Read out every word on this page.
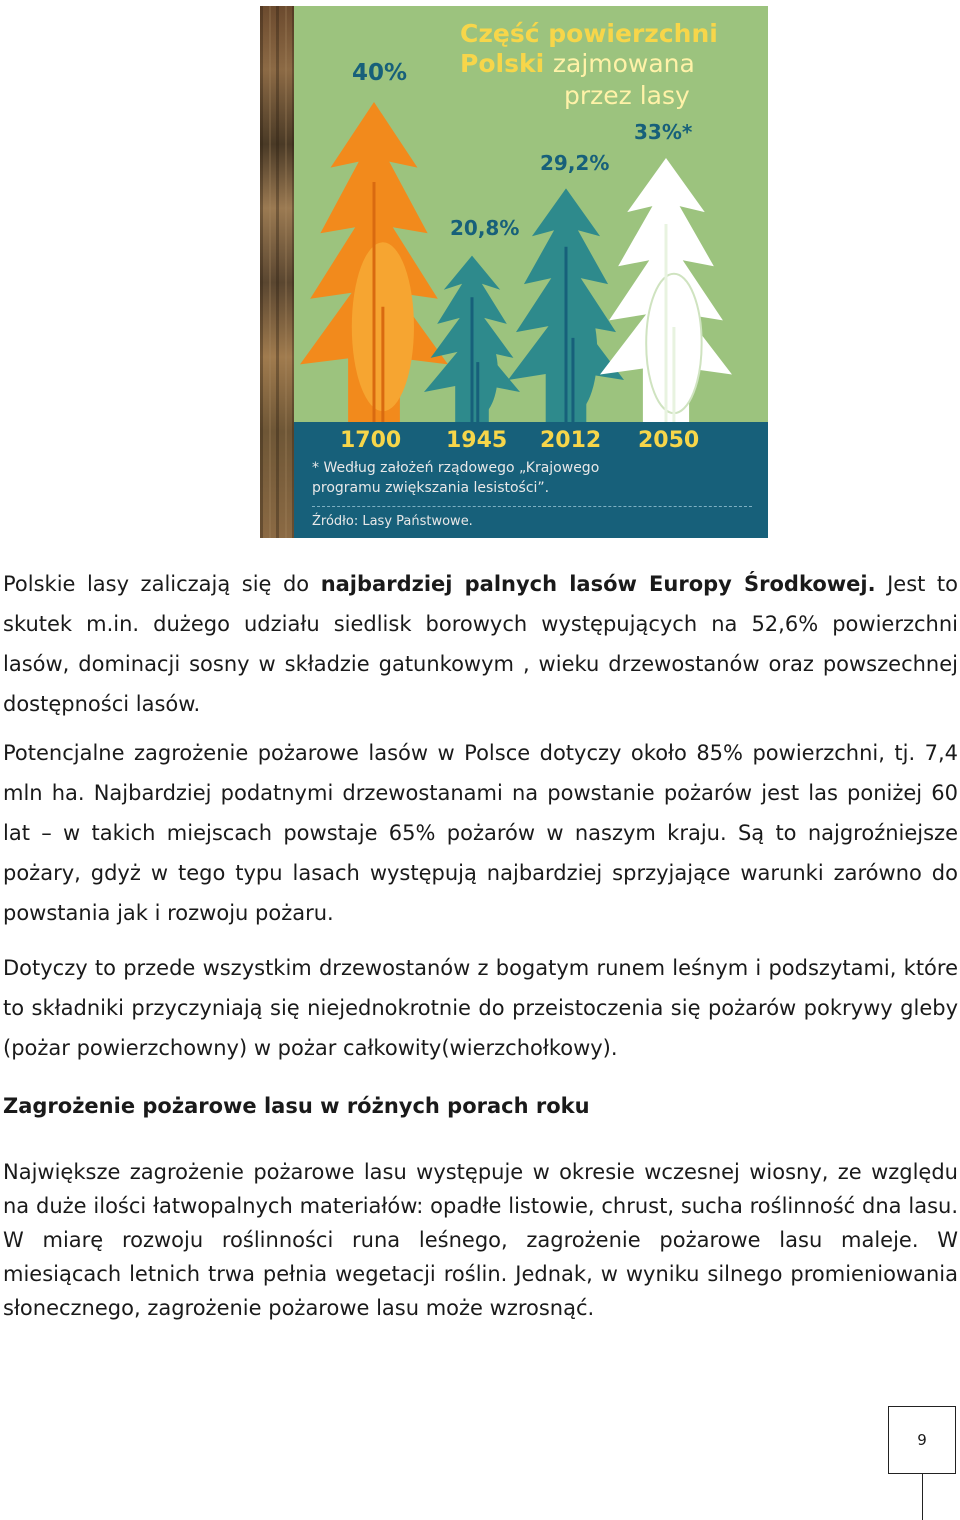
Część powierzchni

Polski zajmowana

przez lasy

40%

20,8%

29,2%

33%*

1700 1945 2012 2050

* Według założeń rządowego „Krajowego programu zwiększania lesistości”.

Źródło: Lasy Państwowe.

Polskie lasy zaliczają się do najbardziej palnych lasów Europy Środkowej. Jest to skutek m.in. dużego udziału siedlisk borowych występujących na 52,6% powierzchni lasów, dominacji sosny w składzie gatunkowym , wieku drzewostanów oraz powszechnej dostępności lasów.

Potencjalne zagrożenie pożarowe lasów w Polsce dotyczy około 85% powierzchni, tj. 7,4 mln ha. Najbardziej podatnymi drzewostanami na powstanie pożarów jest las poniżej 60 lat – w takich miejscach powstaje 65% pożarów w naszym kraju. Są to najgroźniejsze pożary, gdyż w tego typu lasach występują najbardziej sprzyjające warunki zarówno do powstania jak i rozwoju pożaru.

Dotyczy to przede wszystkim drzewostanów z bogatym runem leśnym i podszytami, które to składniki przyczyniają się niejednokrotnie do przeistoczenia się pożarów pokrywy gleby (pożar powierzchowny) w pożar całkowity(wierzchołkowy).

Zagrożenie pożarowe lasu w różnych porach roku

Największe zagrożenie pożarowe lasu występuje w okresie wczesnej wiosny, ze względu na duże ilości łatwopalnych materiałów: opadłe listowie, chrust, sucha roślinność dna lasu. W miarę rozwoju roślinności runa leśnego, zagrożenie pożarowe lasu maleje. W miesiącach letnich trwa pełnia wegetacji roślin. Jednak, w wyniku silnego promieniowania słonecznego, zagrożenie pożarowe lasu może wzrosnąć.

9
